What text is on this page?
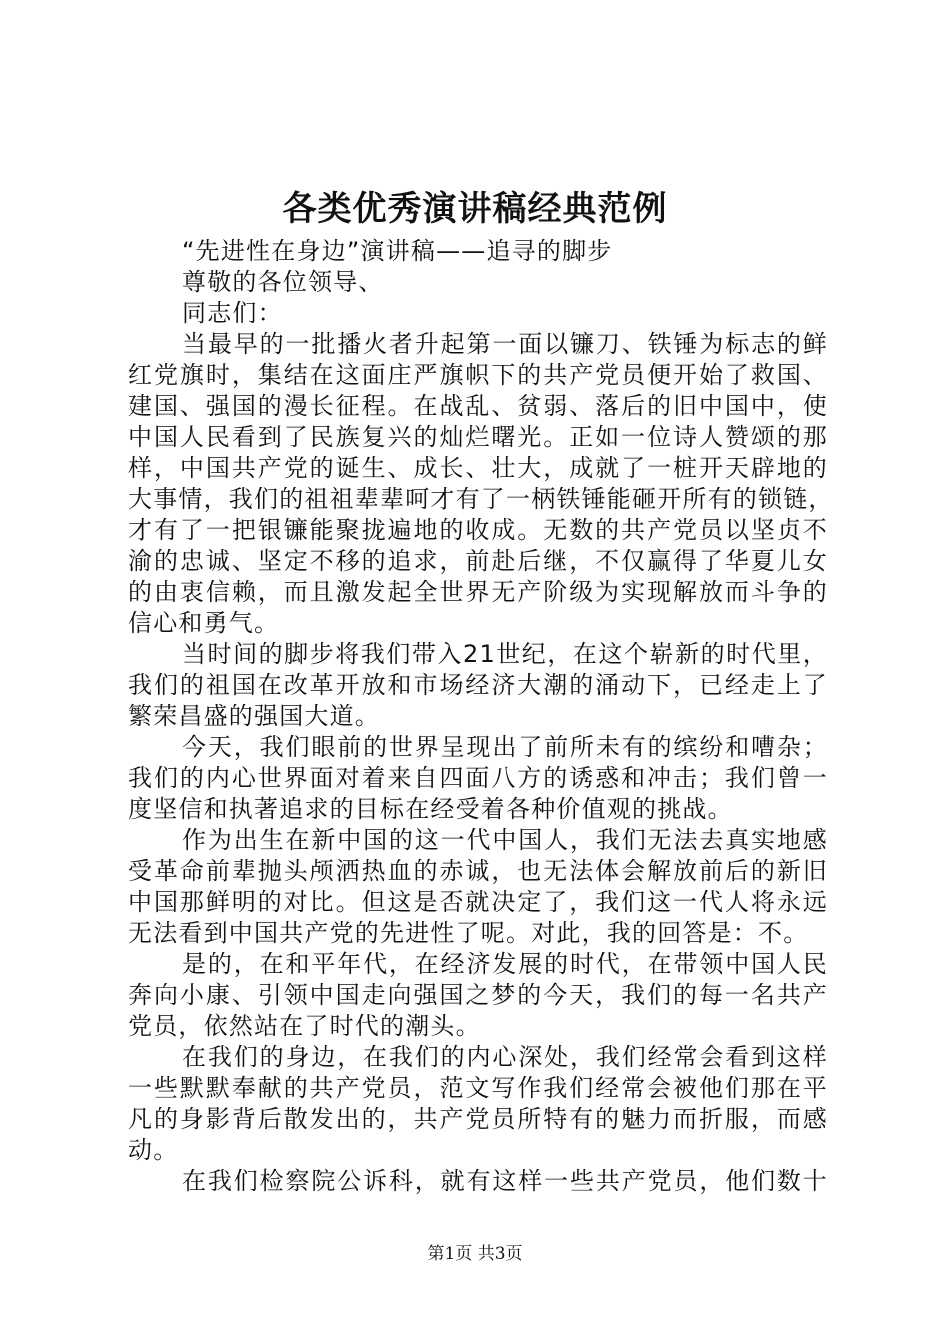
各类优秀演讲稿经典范例
“先进性在身边”演讲稿——追寻的脚步
尊敬的各位领导、
同志们：
当最早的一批播火者升起第一面以镰刀、铁锤为标志的鲜
红党旗时，集结在这面庄严旗帜下的共产党员便开始了救国、
建国、强国的漫长征程。在战乱、贫弱、落后的旧中国中，使
中国人民看到了民族复兴的灿烂曙光。正如一位诗人赞颂的那
样，中国共产党的诞生、成长、壮大，成就了一桩开天辟地的
大事情，我们的祖祖辈辈呵才有了一柄铁锤能砸开所有的锁链，
才有了一把银镰能聚拢遍地的收成。无数的共产党员以坚贞不
渝的忠诚、坚定不移的追求，前赴后继，不仅赢得了华夏儿女
的由衷信赖，而且激发起全世界无产阶级为实现解放而斗争的
信心和勇气。
当时间的脚步将我们带入21世纪，在这个崭新的时代里，
我们的祖国在改革开放和市场经济大潮的涌动下，已经走上了
繁荣昌盛的强国大道。
今天，我们眼前的世界呈现出了前所未有的缤纷和嘈杂；
我们的内心世界面对着来自四面八方的诱惑和冲击；我们曾一
度坚信和执著追求的目标在经受着各种价值观的挑战。
作为出生在新中国的这一代中国人，我们无法去真实地感
受革命前辈抛头颅洒热血的赤诚，也无法体会解放前后的新旧
中国那鲜明的对比。但这是否就决定了，我们这一代人将永远
无法看到中国共产党的先进性了呢。对此，我的回答是：不。
是的，在和平年代，在经济发展的时代，在带领中国人民
奔向小康、引领中国走向强国之梦的今天，我们的每一名共产
党员，依然站在了时代的潮头。
在我们的身边，在我们的内心深处，我们经常会看到这样
一些默默奉献的共产党员，范文写作我们经常会被他们那在平
凡的身影背后散发出的，共产党员所特有的魅力而折服，而感
动。
在我们检察院公诉科，就有这样一些共产党员，他们数十
第1页 共3页
